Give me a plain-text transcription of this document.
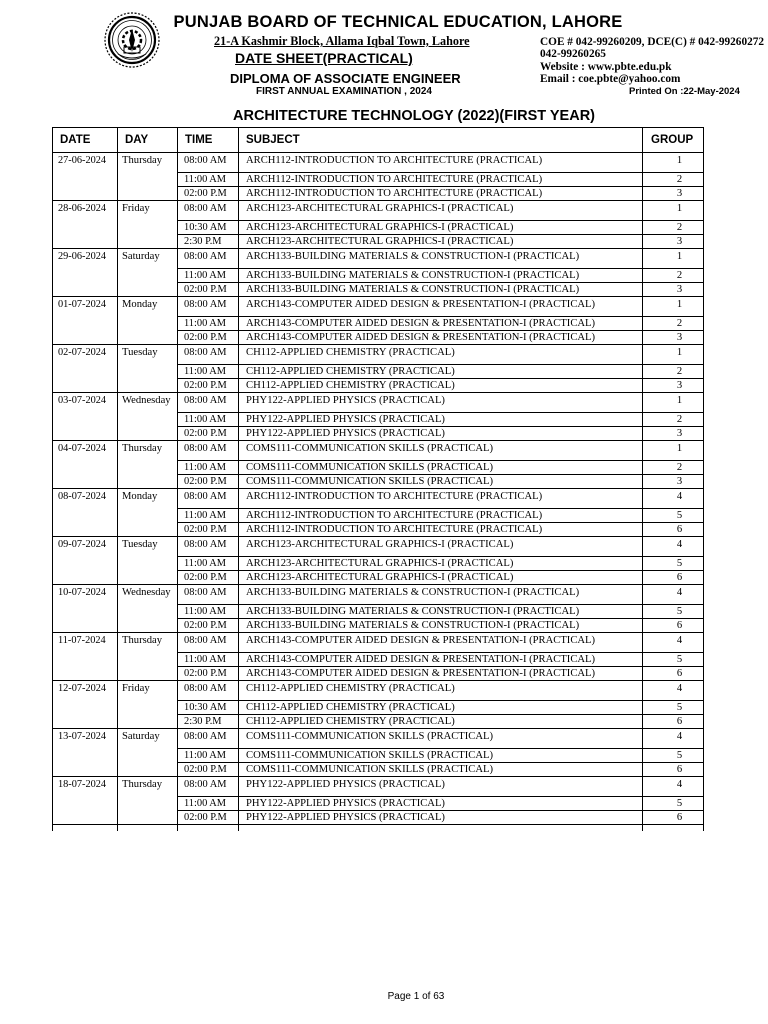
PUNJAB BOARD OF TECHNICAL EDUCATION, LAHORE
21-A Kashmir Block, Allama Iqbal Town, Lahore
DATE SHEET(PRACTICAL)
DIPLOMA OF ASSOCIATE ENGINEER
FIRST ANNUAL EXAMINATION , 2024
COE # 042-99260209, DCE(C) # 042-99260272
042-99260265
Website : www.pbte.edu.pk
Email : coe.pbte@yahoo.com
Printed On :22-May-2024
ARCHITECTURE TECHNOLOGY (2022)(FIRST YEAR)
DATE	DAY	TIME	SUBJECT	GROUP
27-06-2024	Thursday	08:00 AM	ARCH112-INTRODUCTION TO ARCHITECTURE (PRACTICAL)	1
		11:00 AM	ARCH112-INTRODUCTION TO ARCHITECTURE (PRACTICAL)	2
		02:00 P.M	ARCH112-INTRODUCTION TO ARCHITECTURE (PRACTICAL)	3
28-06-2024	Friday	08:00 AM	ARCH123-ARCHITECTURAL GRAPHICS-I (PRACTICAL)	1
		10:30 AM	ARCH123-ARCHITECTURAL GRAPHICS-I (PRACTICAL)	2
		2:30 P.M	ARCH123-ARCHITECTURAL GRAPHICS-I (PRACTICAL)	3
29-06-2024	Saturday	08:00 AM	ARCH133-BUILDING MATERIALS & CONSTRUCTION-I (PRACTICAL)	1
		11:00 AM	ARCH133-BUILDING MATERIALS & CONSTRUCTION-I (PRACTICAL)	2
		02:00 P.M	ARCH133-BUILDING MATERIALS & CONSTRUCTION-I (PRACTICAL)	3
01-07-2024	Monday	08:00 AM	ARCH143-COMPUTER AIDED DESIGN & PRESENTATION-I (PRACTICAL)	1
		11:00 AM	ARCH143-COMPUTER AIDED DESIGN & PRESENTATION-I (PRACTICAL)	2
		02:00 P.M	ARCH143-COMPUTER AIDED DESIGN & PRESENTATION-I (PRACTICAL)	3
02-07-2024	Tuesday	08:00 AM	CH112-APPLIED CHEMISTRY (PRACTICAL)	1
		11:00 AM	CH112-APPLIED CHEMISTRY (PRACTICAL)	2
		02:00 P.M	CH112-APPLIED CHEMISTRY (PRACTICAL)	3
03-07-2024	Wednesday	08:00 AM	PHY122-APPLIED PHYSICS (PRACTICAL)	1
		11:00 AM	PHY122-APPLIED PHYSICS (PRACTICAL)	2
		02:00 P.M	PHY122-APPLIED PHYSICS (PRACTICAL)	3
04-07-2024	Thursday	08:00 AM	COMS111-COMMUNICATION SKILLS (PRACTICAL)	1
		11:00 AM	COMS111-COMMUNICATION SKILLS (PRACTICAL)	2
		02:00 P.M	COMS111-COMMUNICATION SKILLS (PRACTICAL)	3
08-07-2024	Monday	08:00 AM	ARCH112-INTRODUCTION TO ARCHITECTURE (PRACTICAL)	4
		11:00 AM	ARCH112-INTRODUCTION TO ARCHITECTURE (PRACTICAL)	5
		02:00 P.M	ARCH112-INTRODUCTION TO ARCHITECTURE (PRACTICAL)	6
09-07-2024	Tuesday	08:00 AM	ARCH123-ARCHITECTURAL GRAPHICS-I (PRACTICAL)	4
		11:00 AM	ARCH123-ARCHITECTURAL GRAPHICS-I (PRACTICAL)	5
		02:00 P.M	ARCH123-ARCHITECTURAL GRAPHICS-I (PRACTICAL)	6
10-07-2024	Wednesday	08:00 AM	ARCH133-BUILDING MATERIALS & CONSTRUCTION-I (PRACTICAL)	4
		11:00 AM	ARCH133-BUILDING MATERIALS & CONSTRUCTION-I (PRACTICAL)	5
		02:00 P.M	ARCH133-BUILDING MATERIALS & CONSTRUCTION-I (PRACTICAL)	6
11-07-2024	Thursday	08:00 AM	ARCH143-COMPUTER AIDED DESIGN & PRESENTATION-I (PRACTICAL)	4
		11:00 AM	ARCH143-COMPUTER AIDED DESIGN & PRESENTATION-I (PRACTICAL)	5
		02:00 P.M	ARCH143-COMPUTER AIDED DESIGN & PRESENTATION-I (PRACTICAL)	6
12-07-2024	Friday	08:00 AM	CH112-APPLIED CHEMISTRY (PRACTICAL)	4
		10:30 AM	CH112-APPLIED CHEMISTRY (PRACTICAL)	5
		2:30 P.M	CH112-APPLIED CHEMISTRY (PRACTICAL)	6
13-07-2024	Saturday	08:00 AM	COMS111-COMMUNICATION SKILLS (PRACTICAL)	4
		11:00 AM	COMS111-COMMUNICATION SKILLS (PRACTICAL)	5
		02:00 P.M	COMS111-COMMUNICATION SKILLS (PRACTICAL)	6
18-07-2024	Thursday	08:00 AM	PHY122-APPLIED PHYSICS (PRACTICAL)	4
		11:00 AM	PHY122-APPLIED PHYSICS (PRACTICAL)	5
		02:00 P.M	PHY122-APPLIED PHYSICS (PRACTICAL)	6

Page 1 of 63
